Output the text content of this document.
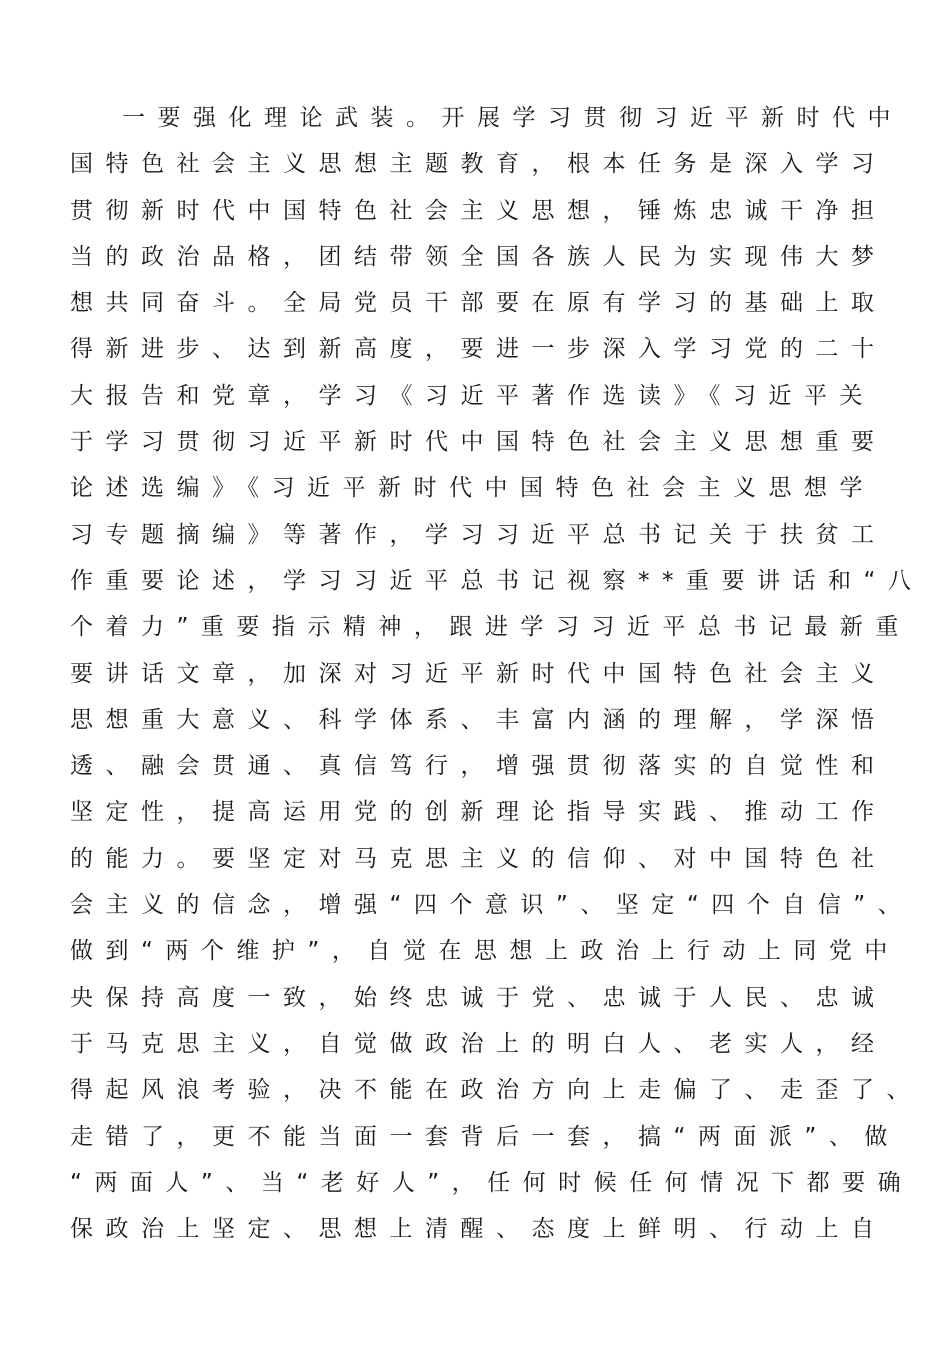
一要强化理论武装。开展学习贯彻习近平新时代中
国特色社会主义思想主题教育，根本任务是深入学习
贯彻新时代中国特色社会主义思想，锤炼忠诚干净担
当的政治品格，团结带领全国各族人民为实现伟大梦
想共同奋斗。全局党员干部要在原有学习的基础上取
得新进步、达到新高度，要进一步深入学习党的二十
大报告和党章，学习《习近平著作选读》《习近平关
于学习贯彻习近平新时代中国特色社会主义思想重要
论述选编》《习近平新时代中国特色社会主义思想学
习专题摘编》等著作，学习习近平总书记关于扶贫工
作重要论述，学习习近平总书记视察**重要讲话和“八
个着力”重要指示精神，跟进学习习近平总书记最新重
要讲话文章，加深对习近平新时代中国特色社会主义
思想重大意义、科学体系、丰富内涵的理解，学深悟
透、融会贯通、真信笃行，增强贯彻落实的自觉性和
坚定性，提高运用党的创新理论指导实践、推动工作
的能力。要坚定对马克思主义的信仰、对中国特色社
会主义的信念，增强“四个意识”、坚定“四个自信”、
做到“两个维护”，自觉在思想上政治上行动上同党中
央保持高度一致，始终忠诚于党、忠诚于人民、忠诚
于马克思主义，自觉做政治上的明白人、老实人，经
得起风浪考验，决不能在政治方向上走偏了、走歪了、
走错了，更不能当面一套背后一套，搞“两面派”、做
“两面人”、当“老好人”，任何时候任何情况下都要确
保政治上坚定、思想上清醒、态度上鲜明、行动上自
